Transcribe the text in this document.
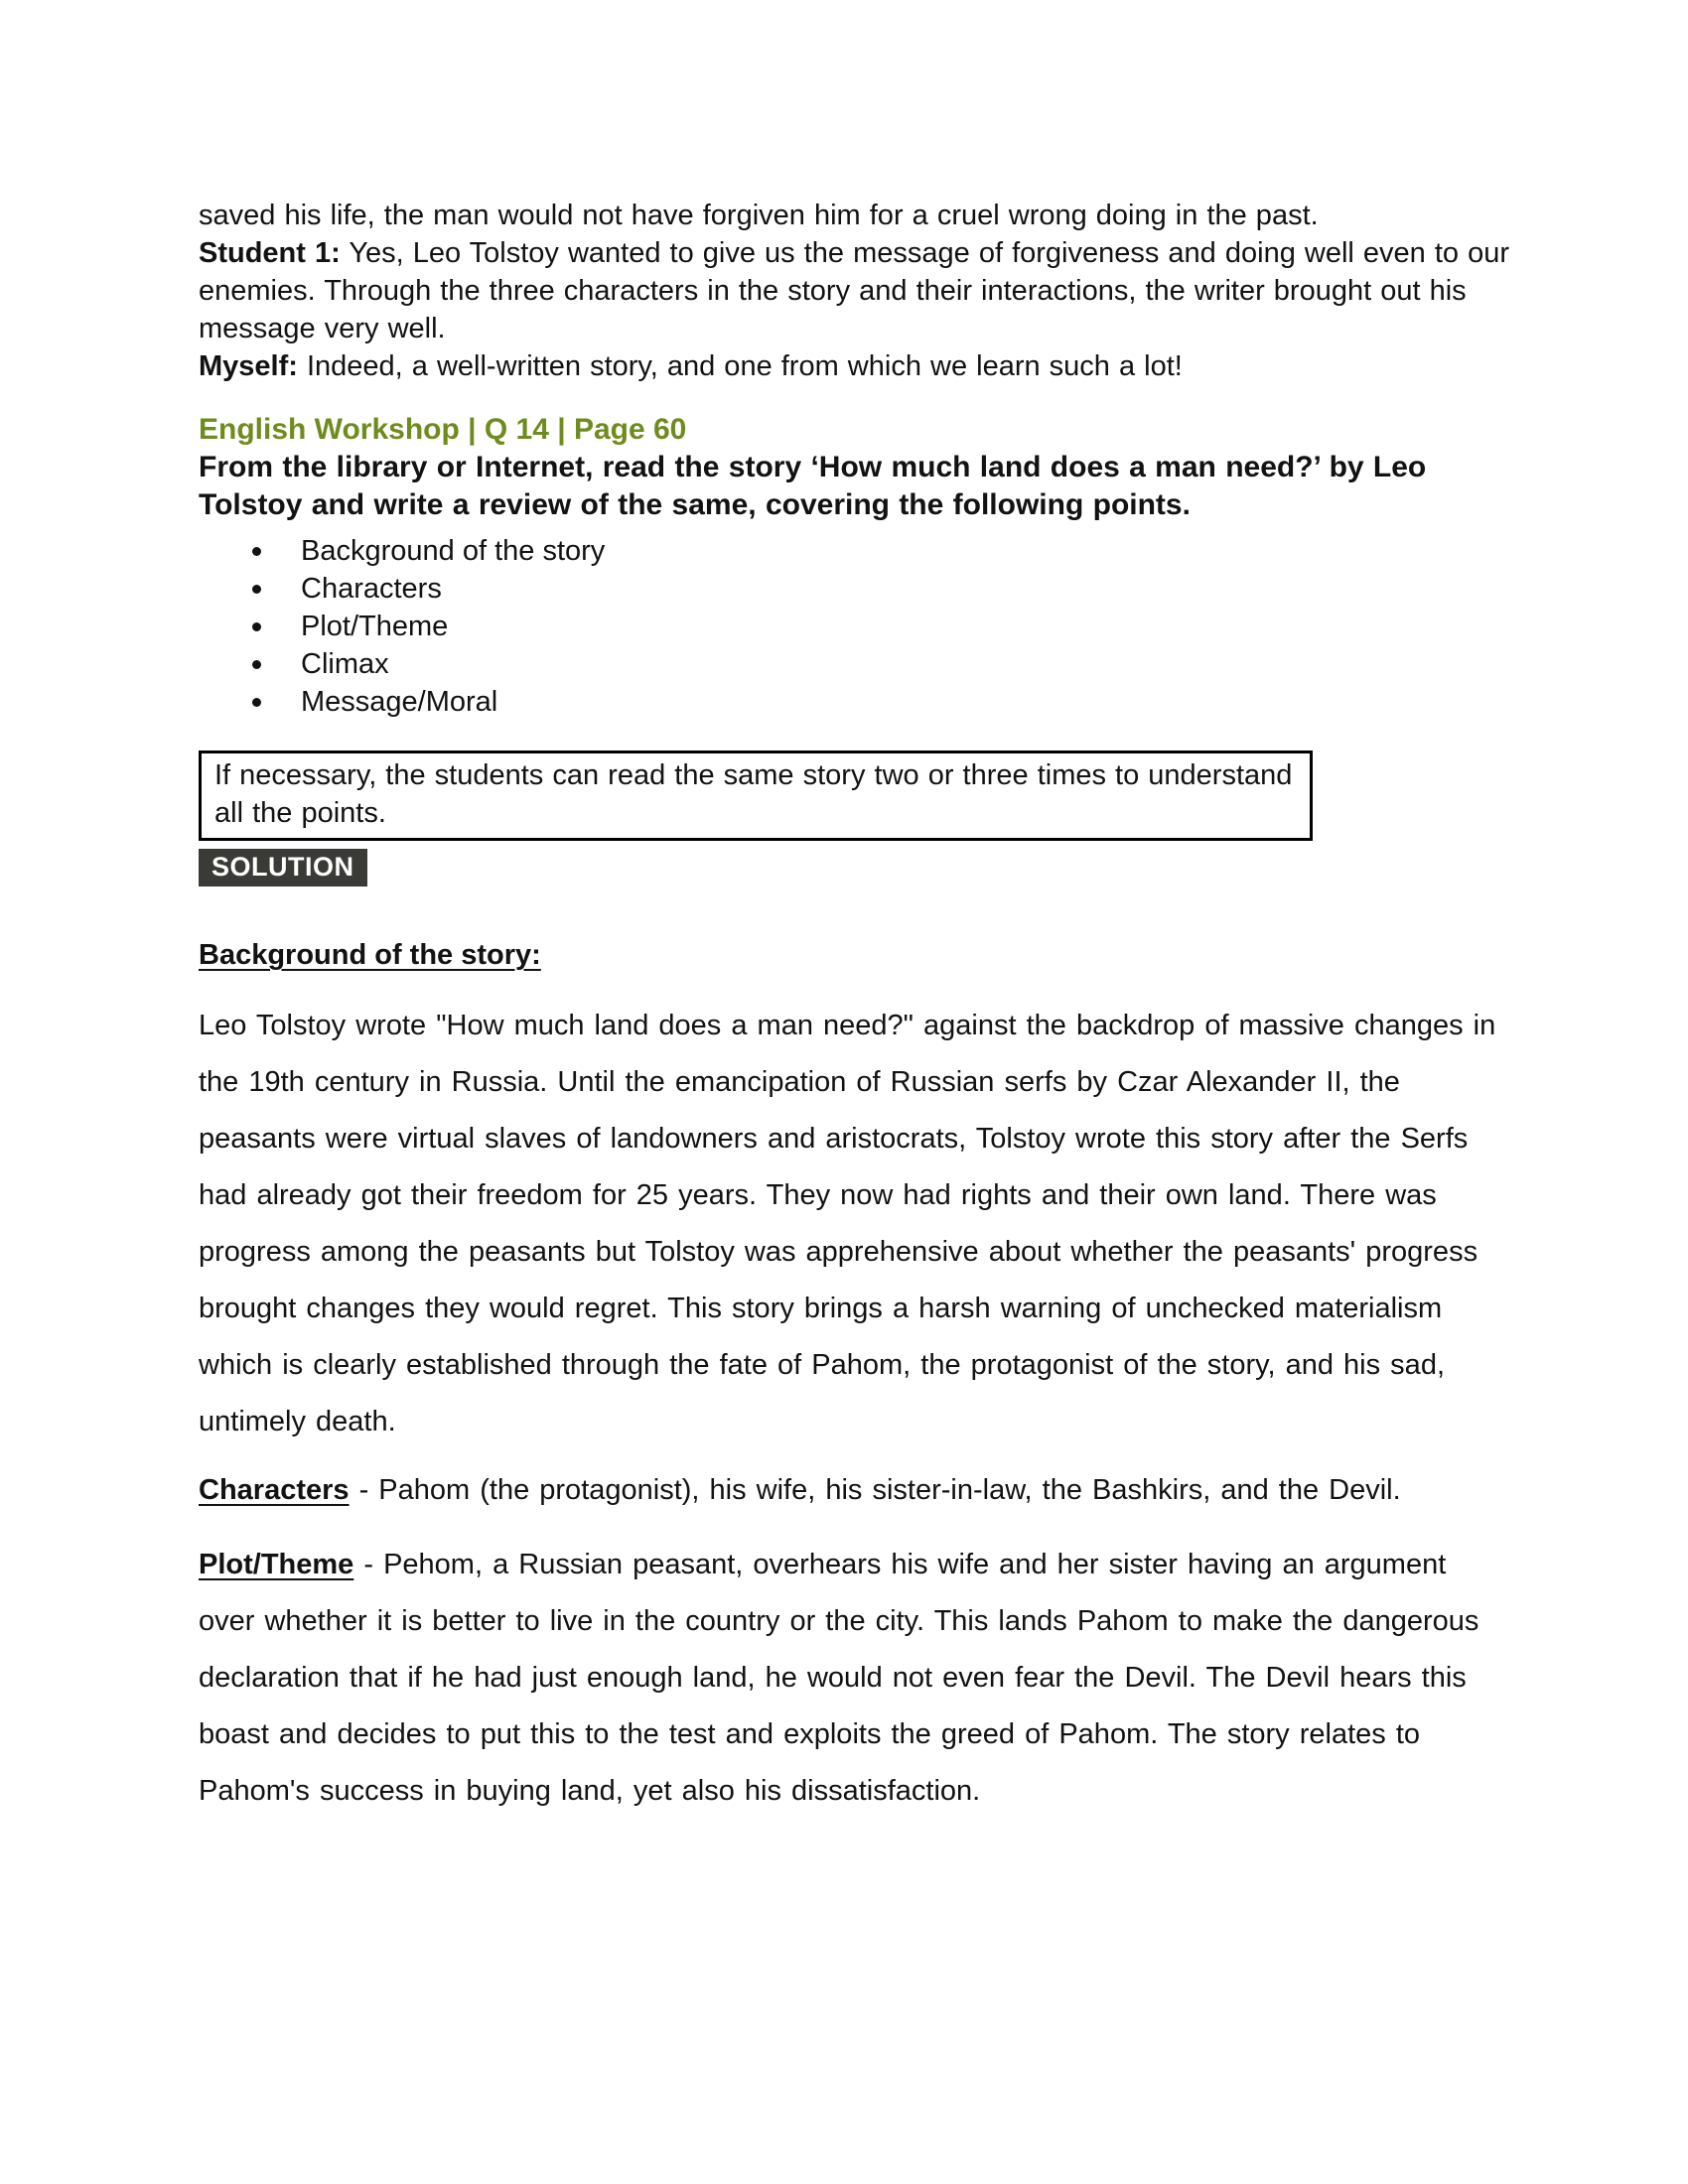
saved his life, the man would not have forgiven him for a cruel wrong doing in the past.
Student 1: Yes, Leo Tolstoy wanted to give us the message of forgiveness and doing well even to our enemies. Through the three characters in the story and their interactions, the writer brought out his message very well.
Myself: Indeed, a well-written story, and one from which we learn such a lot!

English Workshop | Q 14 | Page 60

From the library or Internet, read the story ‘How much land does a man need?’ by Leo Tolstoy and write a review of the same, covering the following points.

Background of the story
Characters
Plot/Theme
Climax
Message/Moral
If necessary, the students can read the same story two or three times to understand all the points.
SOLUTION
Background of the story:

Leo Tolstoy wrote "How much land does a man need?" against the backdrop of massive changes in the 19th century in Russia. Until the emancipation of Russian serfs by Czar Alexander II, the peasants were virtual slaves of landowners and aristocrats, Tolstoy wrote this story after the Serfs had already got their freedom for 25 years. They now had rights and their own land. There was progress among the peasants but Tolstoy was apprehensive about whether the peasants' progress brought changes they would regret. This story brings a harsh warning of unchecked materialism which is clearly established through the fate of Pahom, the protagonist of the story, and his sad, untimely death.

Characters - Pahom (the protagonist), his wife, his sister-in-law, the Bashkirs, and the Devil.

Plot/Theme - Pehom, a Russian peasant, overhears his wife and her sister having an argument over whether it is better to live in the country or the city. This lands Pahom to make the dangerous declaration that if he had just enough land, he would not even fear the Devil. The Devil hears this boast and decides to put this to the test and exploits the greed of Pahom. The story relates to Pahom's success in buying land, yet also his dissatisfaction.
